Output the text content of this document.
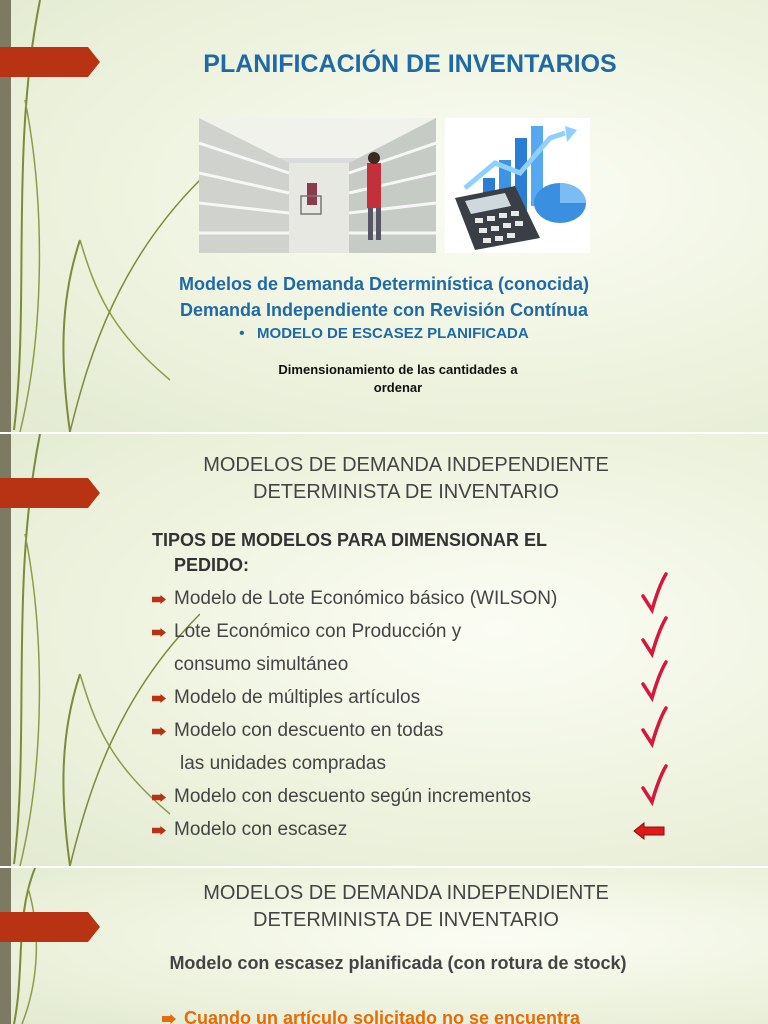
PLANIFICACIÓN DE INVENTARIOS
Modelos de Demanda Determinística (conocida)
Demanda Independiente con Revisión Contínua
• MODELO DE ESCASEZ PLANIFICADA
Dimensionamiento de las cantidades a
ordenar
MODELOS DE DEMANDA INDEPENDIENTE
DETERMINISTA DE INVENTARIO
TIPOS DE MODELOS PARA DIMENSIONAR EL
PEDIDO:
Modelo de Lote Económico básico (WILSON)
Lote Económico con Producción y
consumo simultáneo
Modelo de múltiples artículos
Modelo con descuento en todas
las unidades compradas
Modelo con descuento según incrementos
Modelo con escasez
MODELOS DE DEMANDA INDEPENDIENTE
DETERMINISTA DE INVENTARIO
Modelo con escasez planificada (con rotura de stock)
Cuando un artículo solicitado no se encuentra
